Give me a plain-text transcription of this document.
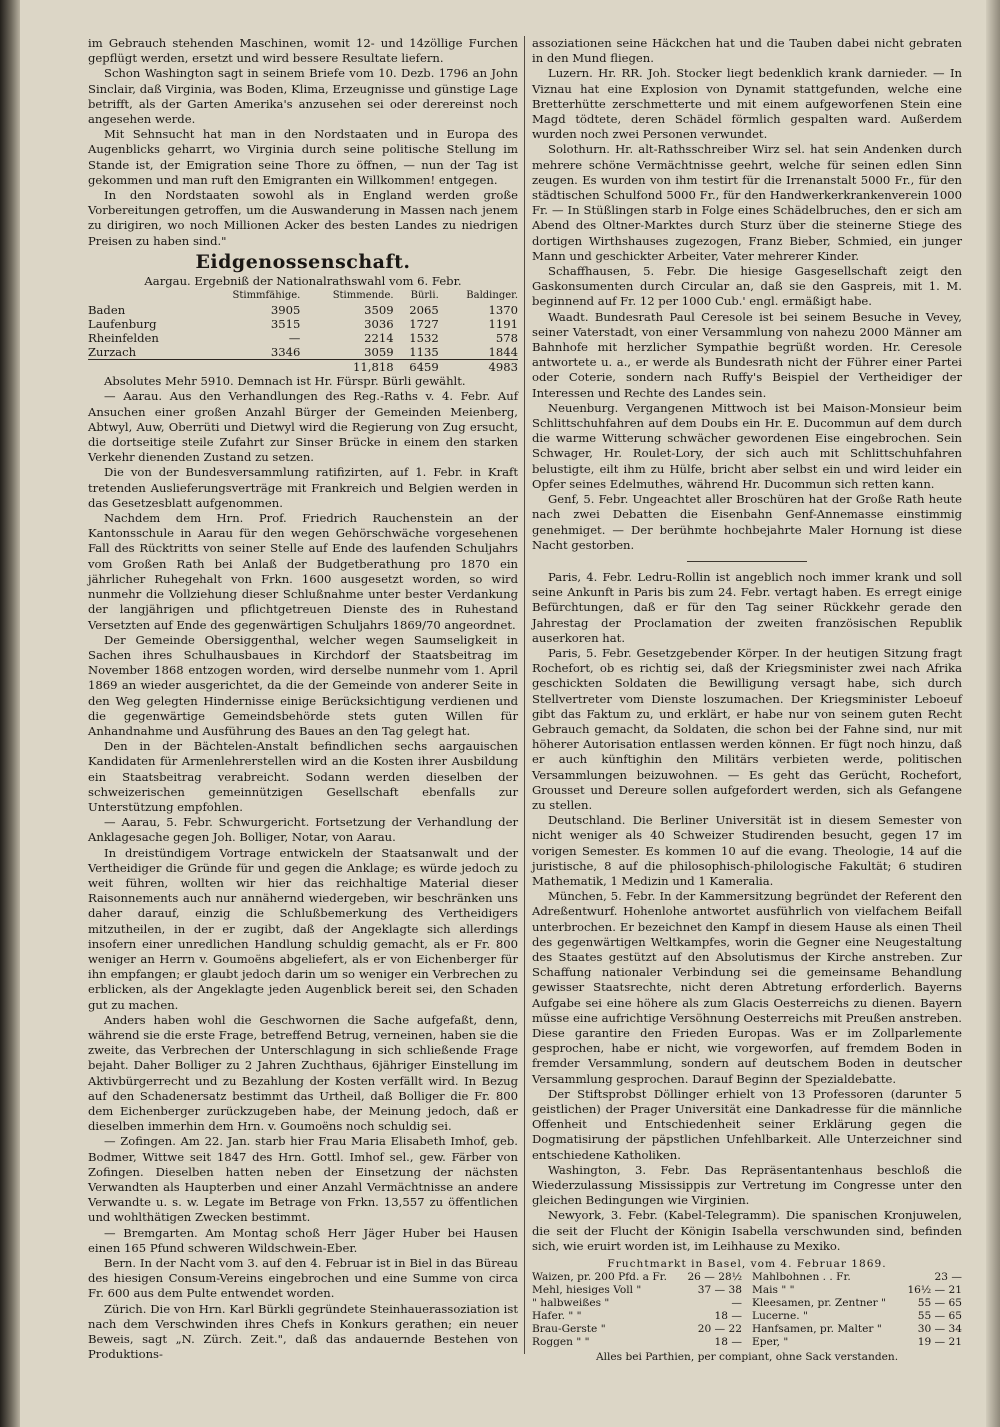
im Gebrauch stehenden Maschinen, womit 12- und 14zöllige Furchen gepflügt werden, ersetzt und wird bessere Resultate liefern.

Schon Washington sagt in seinem Briefe vom 10. Dezb. 1796 an John Sinclair, daß Virginia, was Boden, Klima, Erzeugnisse und günstige Lage betrifft, als der Garten Amerika's anzusehen sei oder derereinst noch angesehen werde.

Mit Sehnsucht hat man in den Nordstaaten und in Europa des Augenblicks geharrt, wo Virginia durch seine politische Stellung im Stande ist, der Emigration seine Thore zu öffnen, — nun der Tag ist gekommen und man ruft den Emigranten ein Willkommen! entgegen.

In den Nordstaaten sowohl als in England werden große Vorbereitungen getroffen, um die Auswanderung in Massen nach jenem zu dirigiren, wo noch Millionen Acker des besten Landes zu niedrigen Preisen zu haben sind."

Eidgenossenschaft.

Aargau. Ergebniß der Nationalrathswahl vom 6. Febr.

	Stimmfähige.	Stimmende.	Bürli.	Baldinger.
Baden	3905	3509	2065	1370
Laufenburg	3515	3036	1727	1191
Rheinfelden	—	2214	1532	578
Zurzach	3346	3059	1135	1844
		11,818	6459	4983

Absolutes Mehr 5910. Demnach ist Hr. Fürspr. Bürli gewählt.

— Aarau. Aus den Verhandlungen des Reg.-Raths v. 4. Febr. Auf Ansuchen einer großen Anzahl Bürger der Gemeinden Meienberg, Abtwyl, Auw, Oberrüti und Dietwyl wird die Regierung von Zug ersucht, die dortseitige steile Zufahrt zur Sinser Brücke in einem den starken Verkehr dienenden Zustand zu setzen.

Die von der Bundesversammlung ratifizirten, auf 1. Febr. in Kraft tretenden Auslieferungsverträge mit Frankreich und Belgien werden in das Gesetzesblatt aufgenommen.

Nachdem dem Hrn. Prof. Friedrich Rauchenstein an der Kantonsschule in Aarau für den wegen Gehörschwäche vorgesehenen Fall des Rücktritts von seiner Stelle auf Ende des laufenden Schuljahrs vom Großen Rath bei Anlaß der Budgetberathung pro 1870 ein jährlicher Ruhegehalt von Frkn. 1600 ausgesetzt worden, so wird nunmehr die Vollziehung dieser Schlußnahme unter bester Verdankung der langjährigen und pflichtgetreuen Dienste des in Ruhestand Versetzten auf Ende des gegenwärtigen Schuljahrs 1869/70 angeordnet.

Der Gemeinde Obersiggenthal, welcher wegen Saumseligkeit in Sachen ihres Schulhausbaues in Kirchdorf der Staatsbeitrag im November 1868 entzogen worden, wird derselbe nunmehr vom 1. April 1869 an wieder ausgerichtet, da die der Gemeinde von anderer Seite in den Weg gelegten Hindernisse einige Berücksichtigung verdienen und die gegenwärtige Gemeindsbehörde stets guten Willen für Anhandnahme und Ausführung des Baues an den Tag gelegt hat.

Den in der Bächtelen-Anstalt befindlichen sechs aargauischen Kandidaten für Armenlehrerstellen wird an die Kosten ihrer Ausbildung ein Staatsbeitrag verabreicht. Sodann werden dieselben der schweizerischen gemeinnützigen Gesellschaft ebenfalls zur Unterstützung empfohlen.

— Aarau, 5. Febr. Schwurgericht. Fortsetzung der Verhandlung der Anklagesache gegen Joh. Bolliger, Notar, von Aarau.

In dreistündigem Vortrage entwickeln der Staatsanwalt und der Vertheidiger die Gründe für und gegen die Anklage; es würde jedoch zu weit führen, wollten wir hier das reichhaltige Material dieser Raisonnements auch nur annähernd wiedergeben, wir beschränken uns daher darauf, einzig die Schlußbemerkung des Vertheidigers mitzutheilen, in der er zugibt, daß der Angeklagte sich allerdings insofern einer unredlichen Handlung schuldig gemacht, als er Fr. 800 weniger an Herrn v. Goumoëns abgeliefert, als er von Eichenberger für ihn empfangen; er glaubt jedoch darin um so weniger ein Verbrechen zu erblicken, als der Angeklagte jeden Augenblick bereit sei, den Schaden gut zu machen.

Anders haben wohl die Geschwornen die Sache aufgefaßt, denn, während sie die erste Frage, betreffend Betrug, verneinen, haben sie die zweite, das Verbrechen der Unterschlagung in sich schließende Frage bejaht. Daher Bolliger zu 2 Jahren Zuchthaus, 6jähriger Einstellung im Aktivbürgerrecht und zu Bezahlung der Kosten verfällt wird. In Bezug auf den Schadenersatz bestimmt das Urtheil, daß Bolliger die Fr. 800 dem Eichenberger zurückzugeben habe, der Meinung jedoch, daß er dieselben immerhin dem Hrn. v. Goumoëns noch schuldig sei.

— Zofingen. Am 22. Jan. starb hier Frau Maria Elisabeth Imhof, geb. Bodmer, Wittwe seit 1847 des Hrn. Gottl. Imhof sel., gew. Färber von Zofingen. Dieselben hatten neben der Einsetzung der nächsten Verwandten als Haupterben und einer Anzahl Vermächtnisse an andere Verwandte u. s. w. Legate im Betrage von Frkn. 13,557 zu öffentlichen und wohlthätigen Zwecken bestimmt.

— Bremgarten. Am Montag schoß Herr Jäger Huber bei Hausen einen 165 Pfund schweren Wildschwein-Eber.

Bern. In der Nacht vom 3. auf den 4. Februar ist in Biel in das Büreau des hiesigen Consum-Vereins eingebrochen und eine Summe von circa Fr. 600 aus dem Pulte entwendet worden.

Zürich. Die von Hrn. Karl Bürkli gegründete Steinhauerassoziation ist nach dem Verschwinden ihres Chefs in Konkurs gerathen; ein neuer Beweis, sagt „N. Zürch. Zeit.", daß das andauernde Bestehen von Produktions-

assoziationen seine Häckchen hat und die Tauben dabei nicht gebraten in den Mund fliegen.

Luzern. Hr. RR. Joh. Stocker liegt bedenklich krank darnieder. — In Viznau hat eine Explosion von Dynamit stattgefunden, welche eine Bretterhütte zerschmetterte und mit einem aufgeworfenen Stein eine Magd tödtete, deren Schädel förmlich gespalten ward. Außerdem wurden noch zwei Personen verwundet.

Solothurn. Hr. alt-Rathsschreiber Wirz sel. hat sein Andenken durch mehrere schöne Vermächtnisse geehrt, welche für seinen edlen Sinn zeugen. Es wurden von ihm testirt für die Irrenanstalt 5000 Fr., für den städtischen Schulfond 5000 Fr., für den Handwerkerkrankenverein 1000 Fr. — In Stüßlingen starb in Folge eines Schädelbruches, den er sich am Abend des Oltner-Marktes durch Sturz über die steinerne Stiege des dortigen Wirthshauses zugezogen, Franz Bieber, Schmied, ein junger Mann und geschickter Arbeiter, Vater mehrerer Kinder.

Schaffhausen, 5. Febr. Die hiesige Gasgesellschaft zeigt den Gaskonsumenten durch Circular an, daß sie den Gaspreis, mit 1. M. beginnend auf Fr. 12 per 1000 Cub.' engl. ermäßigt habe.

Waadt. Bundesrath Paul Ceresole ist bei seinem Besuche in Vevey, seiner Vaterstadt, von einer Versammlung von nahezu 2000 Männer am Bahnhofe mit herzlicher Sympathie begrüßt worden. Hr. Ceresole antwortete u. a., er werde als Bundesrath nicht der Führer einer Partei oder Coterie, sondern nach Ruffy's Beispiel der Vertheidiger der Interessen und Rechte des Landes sein.

Neuenburg. Vergangenen Mittwoch ist bei Maison-Monsieur beim Schlittschuhfahren auf dem Doubs ein Hr. E. Ducommun auf dem durch die warme Witterung schwächer gewordenen Eise eingebrochen. Sein Schwager, Hr. Roulet-Lory, der sich auch mit Schlittschuhfahren belustigte, eilt ihm zu Hülfe, bricht aber selbst ein und wird leider ein Opfer seines Edelmuthes, während Hr. Ducommun sich retten kann.

Genf, 5. Febr. Ungeachtet aller Broschüren hat der Große Rath heute nach zwei Debatten die Eisenbahn Genf-Annemasse einstimmig genehmiget. — Der berühmte hochbejahrte Maler Hornung ist diese Nacht gestorben.

Paris, 4. Febr. Ledru-Rollin ist angeblich noch immer krank und soll seine Ankunft in Paris bis zum 24. Febr. vertagt haben. Es erregt einige Befürchtungen, daß er für den Tag seiner Rückkehr gerade den Jahrestag der Proclamation der zweiten französischen Republik auserkoren hat.

Paris, 5. Febr. Gesetzgebender Körper. In der heutigen Sitzung fragt Rochefort, ob es richtig sei, daß der Kriegsminister zwei nach Afrika geschickten Soldaten die Bewilligung versagt habe, sich durch Stellvertreter vom Dienste loszumachen. Der Kriegsminister Leboeuf gibt das Faktum zu, und erklärt, er habe nur von seinem guten Recht Gebrauch gemacht, da Soldaten, die schon bei der Fahne sind, nur mit höherer Autorisation entlassen werden können. Er fügt noch hinzu, daß er auch künftighin den Militärs verbieten werde, politischen Versammlungen beizuwohnen. — Es geht das Gerücht, Rochefort, Grousset und Dereure sollen aufgefordert werden, sich als Gefangene zu stellen.

Deutschland. Die Berliner Universität ist in diesem Semester von nicht weniger als 40 Schweizer Studirenden besucht, gegen 17 im vorigen Semester. Es kommen 10 auf die evang. Theologie, 14 auf die juristische, 8 auf die philosophisch-philologische Fakultät; 6 studiren Mathematik, 1 Medizin und 1 Kameralia.

München, 5. Febr. In der Kammersitzung begründet der Referent den Adreßentwurf. Hohenlohe antwortet ausführlich von vielfachem Beifall unterbrochen. Er bezeichnet den Kampf in diesem Hause als einen Theil des gegenwärtigen Weltkampfes, worin die Gegner eine Neugestaltung des Staates gestützt auf den Absolutismus der Kirche anstreben. Zur Schaffung nationaler Verbindung sei die gemeinsame Behandlung gewisser Staatsrechte, nicht deren Abtretung erforderlich. Bayerns Aufgabe sei eine höhere als zum Glacis Oesterreichs zu dienen. Bayern müsse eine aufrichtige Versöhnung Oesterreichs mit Preußen anstreben. Diese garantire den Frieden Europas. Was er im Zollparlemente gesprochen, habe er nicht, wie vorgeworfen, auf fremdem Boden in fremder Versammlung, sondern auf deutschem Boden in deutscher Versammlung gesprochen. Darauf Beginn der Spezialdebatte.

Der Stiftsprobst Döllinger erhielt von 13 Professoren (darunter 5 geistlichen) der Prager Universität eine Dankadresse für die männliche Offenheit und Entschiedenheit seiner Erklärung gegen die Dogmatisirung der päpstlichen Unfehlbarkeit. Alle Unterzeichner sind entschiedene Katholiken.

Washington, 3. Febr. Das Repräsentantenhaus beschloß die Wiederzulassung Mississippis zur Vertretung im Congresse unter den gleichen Bedingungen wie Virginien.

Newyork, 3. Febr. (Kabel-Telegramm). Die spanischen Kronjuwelen, die seit der Flucht der Königin Isabella verschwunden sind, befinden sich, wie eruirt worden ist, im Leihhause zu Mexiko.

Fruchtmarkt in Basel, vom 4. Februar 1869.
Waizen, pr. 200 Pfd. a Fr. 26 — 28½
Mehl, hiesiges Voll "	37 — 38
" halbweißes "	—
Hafer. " "	18 —
Brau-Gerste "	20 — 22
Roggen " "	18 —
Mahlbohnen . . Fr.	23 —
Mais " "	16½ — 21
Kleesamen, pr. Zentner "	55 — 65
Lucerne. "	55 — 65
Hanfsamen, pr. Malter "	30 — 34
Eper, "	19 — 21
Alles bei Parthien, per compiant, ohne Sack verstanden.
